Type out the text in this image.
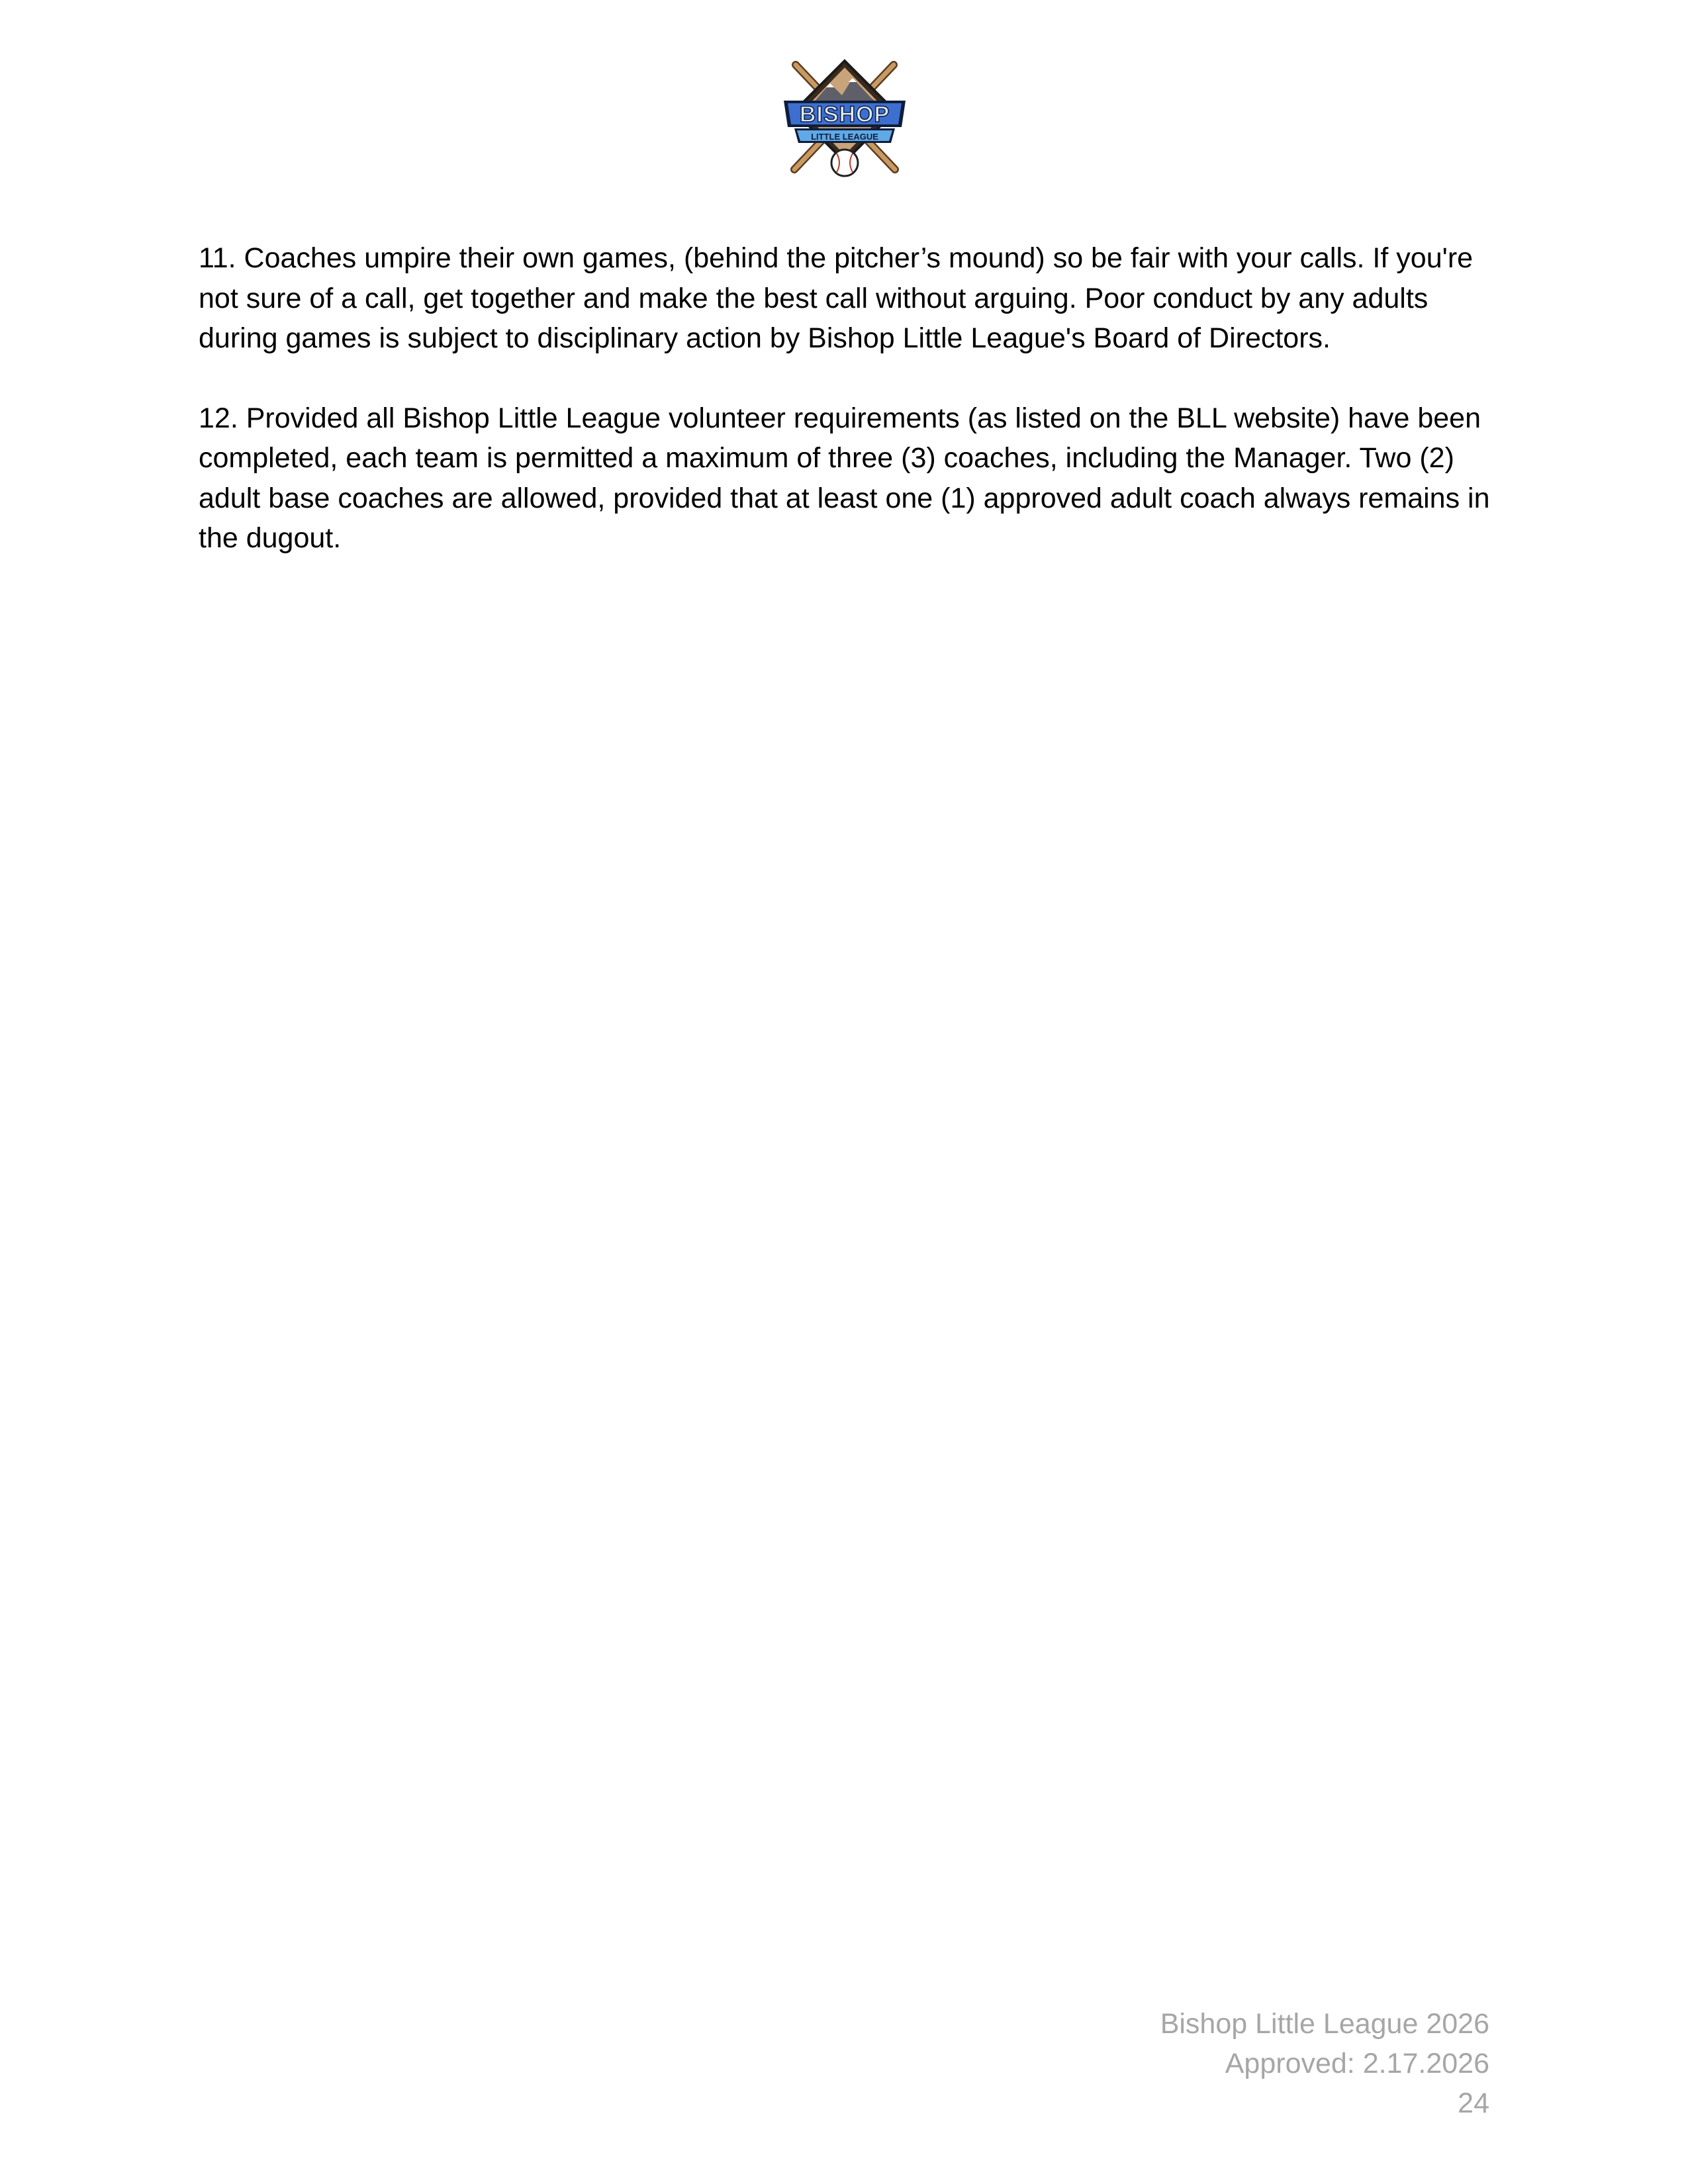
BISHOP
LITTLE LEAGUE

11. Coaches umpire their own games, (behind the pitcher’s mound) so be fair with your calls. If you're not sure of a call, get together and make the best call without arguing. Poor conduct by any adults during games is subject to disciplinary action by Bishop Little League's Board of Directors.

12. Provided all Bishop Little League volunteer requirements (as listed on the BLL website) have been completed, each team is permitted a maximum of three (3) coaches, including the Manager. Two (2) adult base coaches are allowed, provided that at least one (1) approved adult coach always remains in the dugout.

Bishop Little League 2026
Approved: 2.17.2026
24
